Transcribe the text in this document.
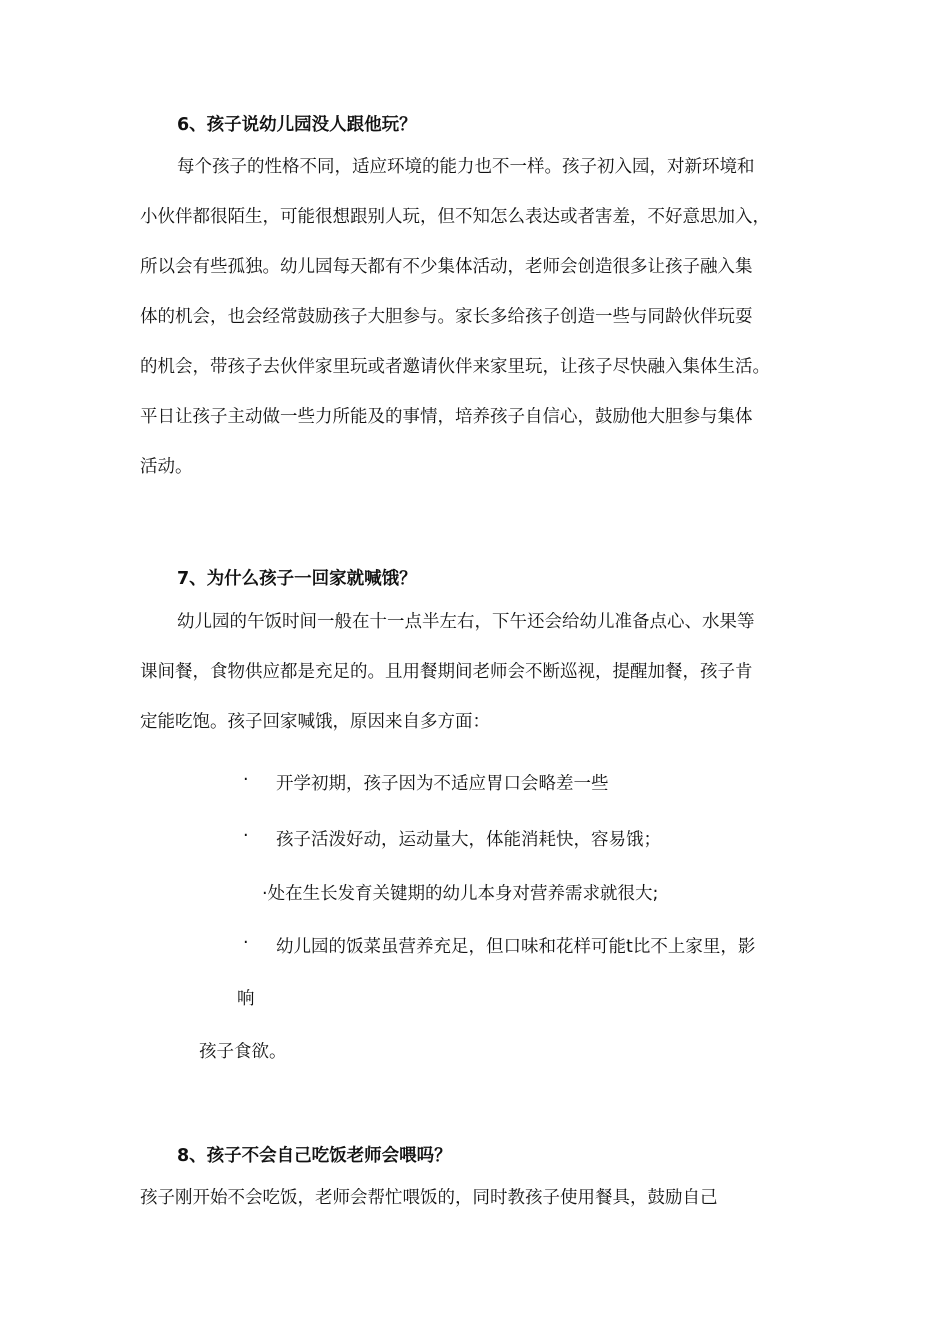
6、孩子说幼儿园没人跟他玩？
每个孩子的性格不同，适应环境的能力也不一样。孩子初入园，对新环境和
小伙伴都很陌生，可能很想跟别人玩，但不知怎么表达或者害羞，不好意思加入，
所以会有些孤独。幼儿园每天都有不少集体活动，老师会创造很多让孩子融入集
体的机会，也会经常鼓励孩子大胆参与。家长多给孩子创造一些与同龄伙伴玩耍
的机会，带孩子去伙伴家里玩或者邀请伙伴来家里玩，让孩子尽快融入集体生活。
平日让孩子主动做一些力所能及的事情，培养孩子自信心，鼓励他大胆参与集体
活动。
7、为什么孩子一回家就喊饿？
幼儿园的午饭时间一般在十一点半左右，下午还会给幼儿准备点心、水果等
课间餐，食物供应都是充足的。且用餐期间老师会不断巡视，提醒加餐，孩子肯
定能吃饱。孩子回家喊饿，原因来自多方面：
· 开学初期，孩子因为不适应胃口会略差一些
· 孩子活泼好动，运动量大，体能消耗快，容易饿；
·处在生长发育关键期的幼儿本身对营养需求就很大;
· 幼儿园的饭菜虽营养充足，但口味和花样可能t比不上家里，影
响
孩子食欲。
8、孩子不会自己吃饭老师会喂吗？
孩子刚开始不会吃饭，老师会帮忙喂饭的，同时教孩子使用餐具，鼓励自己
